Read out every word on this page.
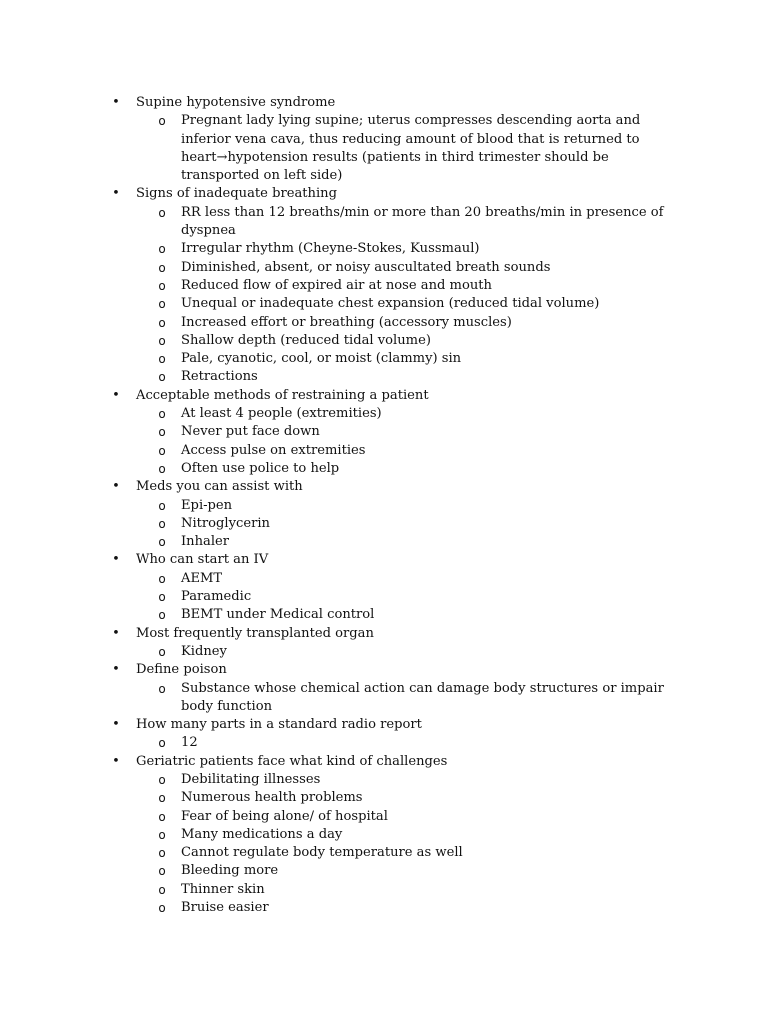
• Supine hypotensive syndrome
o Pregnant lady lying supine; uterus compresses descending aorta and inferior vena cava, thus reducing amount of blood that is returned to heart→hypotension results (patients in third trimester should be transported on left side)
• Signs of inadequate breathing
o RR less than 12 breaths/min or more than 20 breaths/min in presence of dyspnea
o Irregular rhythm (Cheyne-Stokes, Kussmaul)
o Diminished, absent, or noisy auscultated breath sounds
o Reduced flow of expired air at nose and mouth
o Unequal or inadequate chest expansion (reduced tidal volume)
o Increased effort or breathing (accessory muscles)
o Shallow depth (reduced tidal volume)
o Pale, cyanotic, cool, or moist (clammy) sin
o Retractions
• Acceptable methods of restraining a patient
o At least 4 people (extremities)
o Never put face down
o Access pulse on extremities
o Often use police to help
• Meds you can assist with
o Epi-pen
o Nitroglycerin
o Inhaler
• Who can start an IV
o AEMT
o Paramedic
o BEMT under Medical control
• Most frequently transplanted organ
o Kidney
• Define poison
o Substance whose chemical action can damage body structures or impair body function
• How many parts in a standard radio report
o 12
• Geriatric patients face what kind of challenges
o Debilitating illnesses
o Numerous health problems
o Fear of being alone/ of hospital
o Many medications a day
o Cannot regulate body temperature as well
o Bleeding more
o Thinner skin
o Bruise easier
